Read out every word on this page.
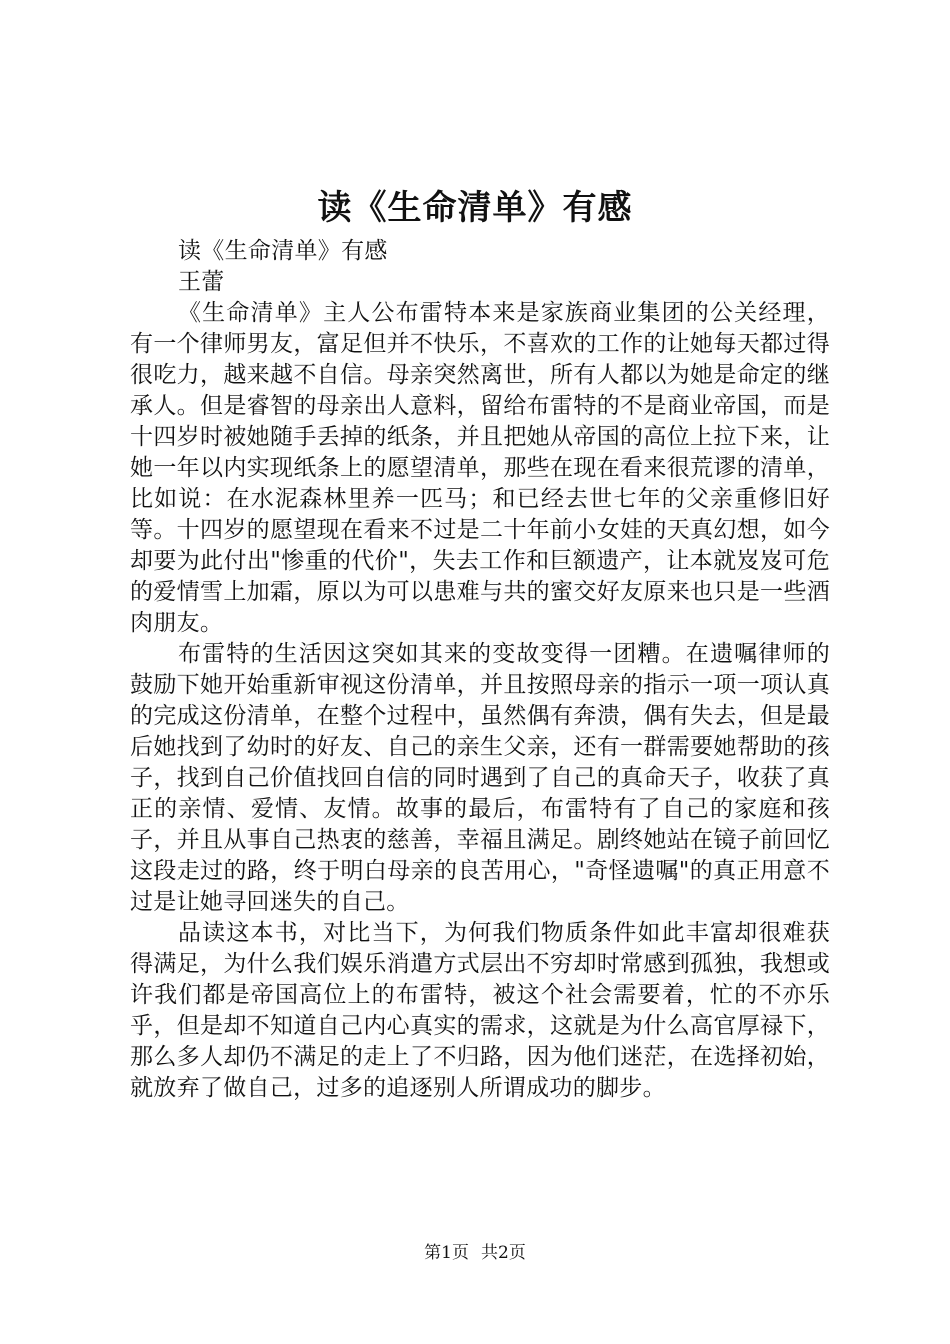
读《生命清单》有感

读《生命清单》有感

王蕾

《生命清单》主人公布雷特本来是家族商业集团的公关经理，有一个律师男友，富足但并不快乐，不喜欢的工作的让她每天都过得很吃力，越来越不自信。母亲突然离世，所有人都以为她是命定的继承人。但是睿智的母亲出人意料，留给布雷特的不是商业帝国，而是十四岁时被她随手丢掉的纸条，并且把她从帝国的高位上拉下来，让她一年以内实现纸条上的愿望清单，那些在现在看来很荒谬的清单，比如说：在水泥森林里养一匹马；和已经去世七年的父亲重修旧好等。十四岁的愿望现在看来不过是二十年前小女娃的天真幻想，如今却要为此付出"惨重的代价"，失去工作和巨额遗产，让本就岌岌可危的爱情雪上加霜，原以为可以患难与共的蜜交好友原来也只是一些酒肉朋友。

布雷特的生活因这突如其来的变故变得一团糟。在遗嘱律师的鼓励下她开始重新审视这份清单，并且按照母亲的指示一项一项认真的完成这份清单，在整个过程中，虽然偶有奔溃，偶有失去，但是最后她找到了幼时的好友、自己的亲生父亲，还有一群需要她帮助的孩子，找到自己价值找回自信的同时遇到了自己的真命天子，收获了真正的亲情、爱情、友情。故事的最后，布雷特有了自己的家庭和孩子，并且从事自己热衷的慈善，幸福且满足。剧终她站在镜子前回忆这段走过的路，终于明白母亲的良苦用心，"奇怪遗嘱"的真正用意不过是让她寻回迷失的自己。

品读这本书，对比当下，为何我们物质条件如此丰富却很难获得满足，为什么我们娱乐消遣方式层出不穷却时常感到孤独，我想或许我们都是帝国高位上的布雷特，被这个社会需要着，忙的不亦乐乎，但是却不知道自己内心真实的需求，这就是为什么高官厚禄下，那么多人却仍不满足的走上了不归路，因为他们迷茫，在选择初始，就放弃了做自己，过多的追逐别人所谓成功的脚步。

第1页 共2页
